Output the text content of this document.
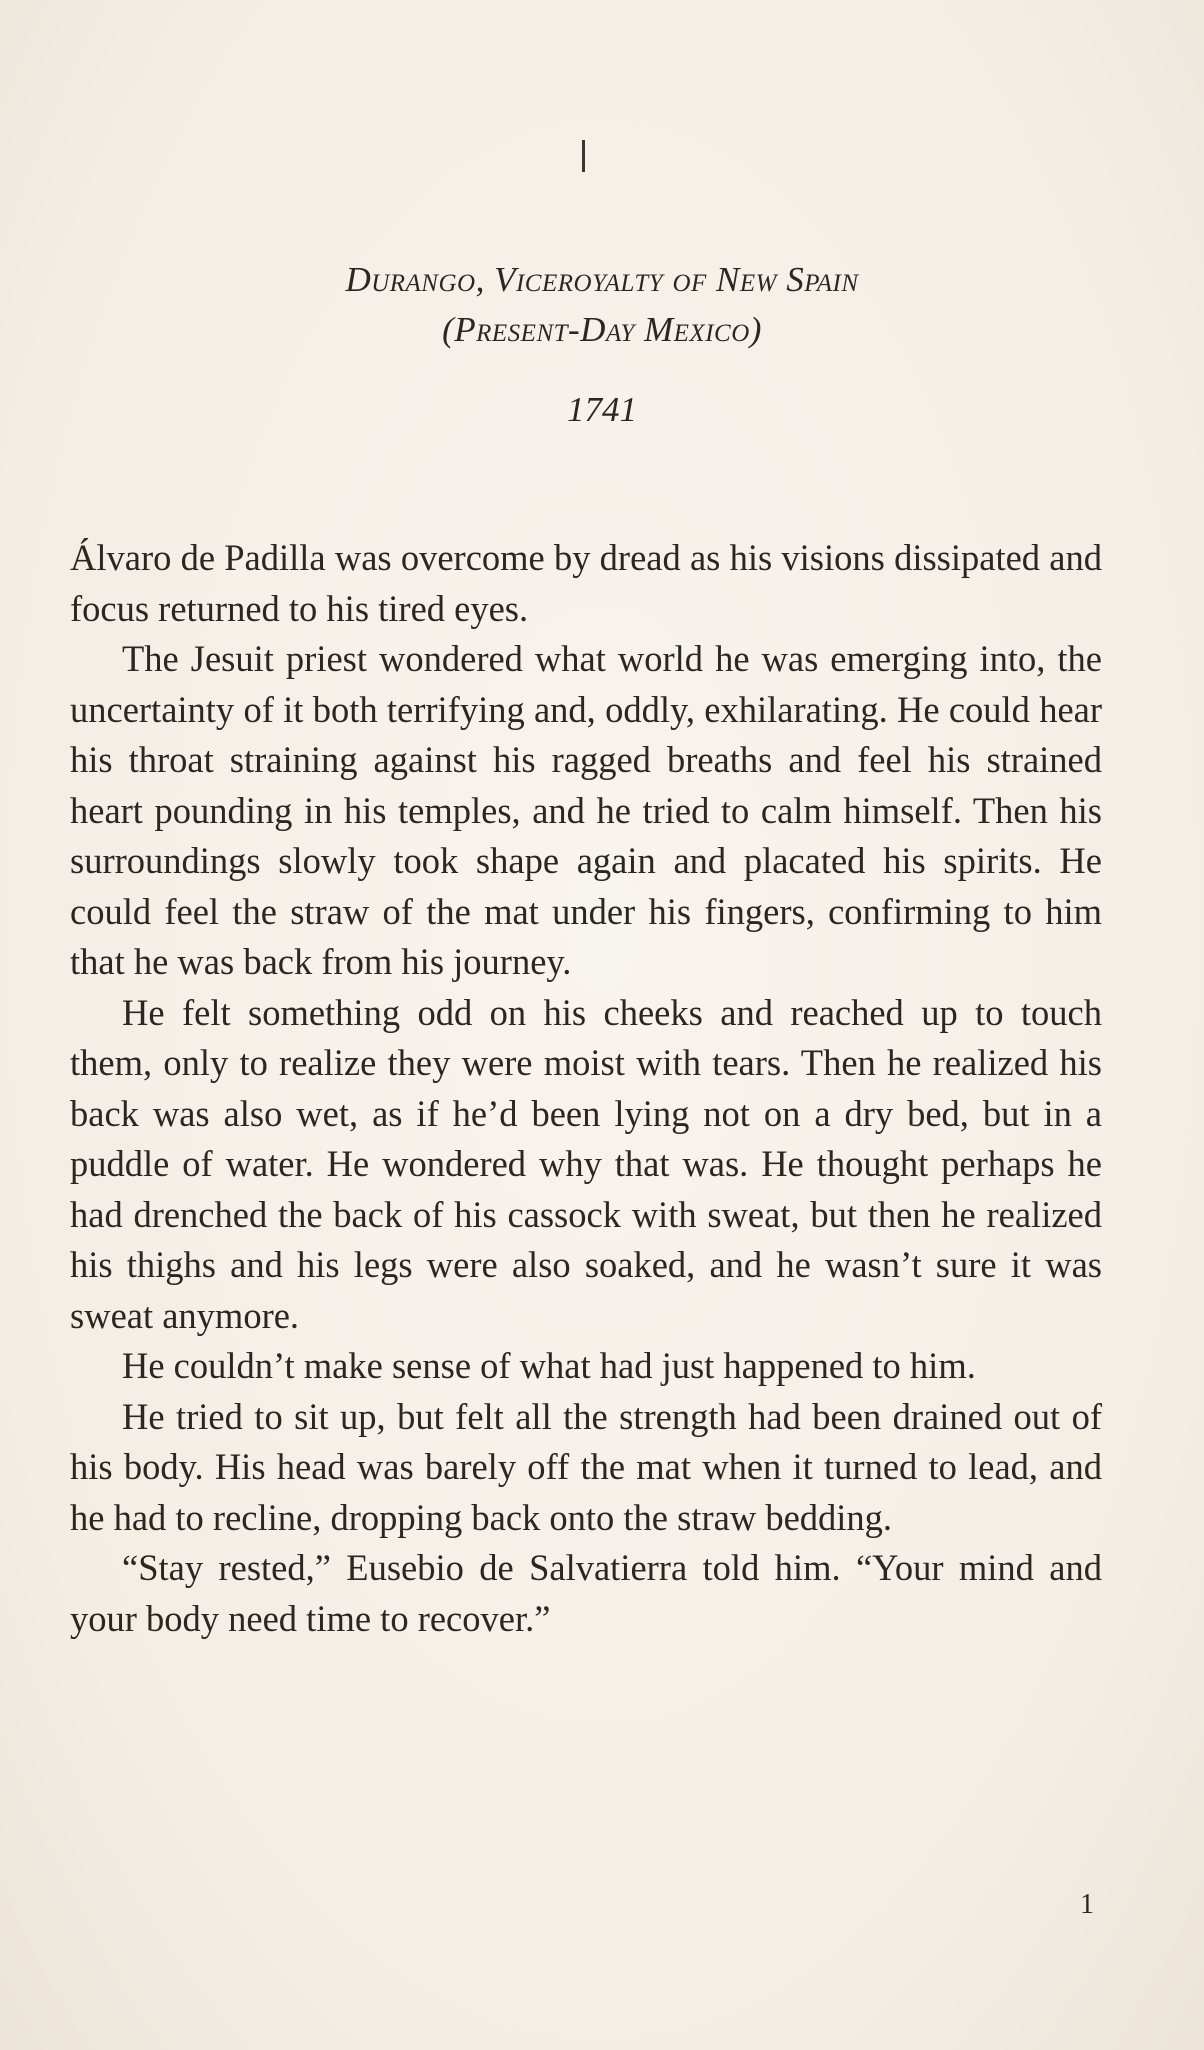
Durango, Viceroyalty of New Spain

(Present-Day Mexico)

1741

Álvaro de Padilla was overcome by dread as his visions dissipated and focus returned to his tired eyes.

The Jesuit priest wondered what world he was emerging into, the uncertainty of it both terrifying and, oddly, exhilarating. He could hear his throat straining against his ragged breaths and feel his strained heart pounding in his temples, and he tried to calm himself. Then his surroundings slowly took shape again and placated his spirits. He could feel the straw of the mat under his fingers, confirming to him that he was back from his journey.

He felt something odd on his cheeks and reached up to touch them, only to realize they were moist with tears. Then he realized his back was also wet, as if he’d been lying not on a dry bed, but in a puddle of water. He wondered why that was. He thought perhaps he had drenched the back of his cassock with sweat, but then he realized his thighs and his legs were also soaked, and he wasn’t sure it was sweat anymore.

He couldn’t make sense of what had just happened to him.

He tried to sit up, but felt all the strength had been drained out of his body. His head was barely off the mat when it turned to lead, and he had to recline, dropping back onto the straw bedding.

“Stay rested,” Eusebio de Salvatierra told him. “Your mind and your body need time to recover.”

1
